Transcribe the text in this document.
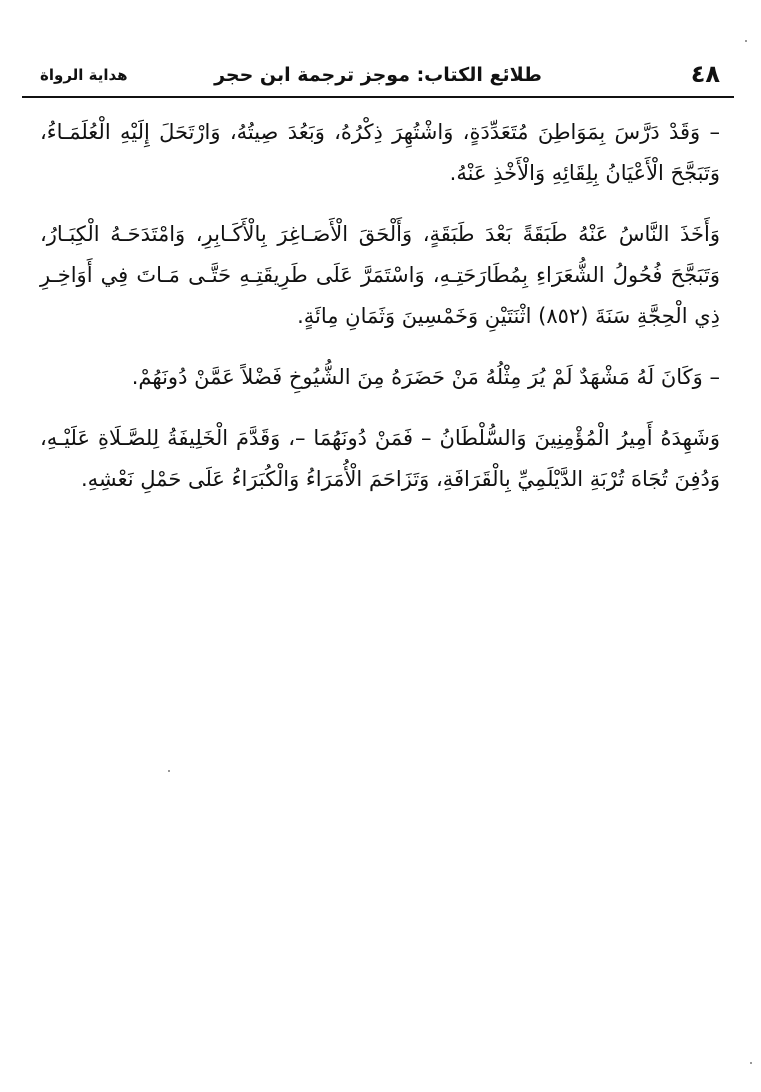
٤٨
طلائع الكتاب: موجز ترجمة ابن حجر
هداية الرواة

– وَقَدْ دَرَّسَ بِمَوَاطِنَ مُتَعَدِّدَةٍ، وَاشْتُهِرَ ذِكْرُهُ، وَبَعُدَ صِيتُهُ، وَارْتَحَلَ إِلَيْهِ الْعُلَمَـاءُ، وَتَبَجَّحَ الْأَعْيَانُ بِلِقَائِهِ وَالْأَخْذِ عَنْهُ.

وَأَخَذَ النَّاسُ عَنْهُ طَبَقَةً بَعْدَ طَبَقَةٍ، وَأَلْحَقَ الْأَصَـاغِرَ بِالْأَكَـابِرِ، وَامْتَدَحَـهُ الْكِبَـارُ، وَتَبَجَّحَ فُحُولُ الشُّعَرَاءِ بِمُطَارَحَتِـهِ، وَاسْتَمَرَّ عَلَى طَرِيقَتِـهِ حَتَّـى مَـاتَ فِي أَوَاخِـرِ ذِي الْحِجَّةِ سَنَةَ (٨٥٢) اثْنَتَيْنِ وَخَمْسِينَ وَثَمَانِ مِائَةٍ.

– وَكَانَ لَهُ مَشْهَدٌ لَمْ يُرَ مِثْلُهُ مَنْ حَضَرَهُ مِنَ الشُّيُوخِ فَضْلاً عَمَّنْ دُونَهُمْ.

وَشَهِدَهُ أَمِيرُ الْمُؤْمِنِينَ وَالسُّلْطَانُ – فَمَنْ دُونَهُمَا –، وَقَدَّمَ الْخَلِيفَةُ لِلصَّـلَاةِ عَلَيْـهِ، وَدُفِنَ تُجَاهَ تُرْبَةِ الدَّيْلَمِيِّ بِالْقَرَافَةِ، وَتَزَاحَمَ الْأُمَرَاءُ وَالْكُبَرَاءُ عَلَى حَمْلِ نَعْشِهِ.
